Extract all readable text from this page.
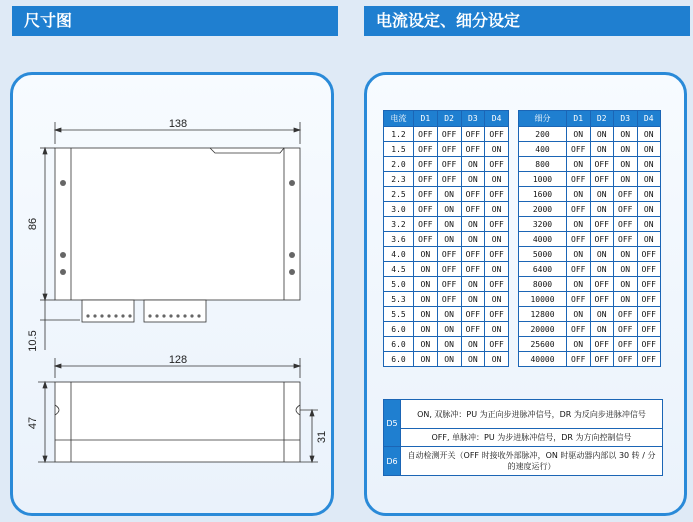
尺寸图	电流设定、细分设定
138
86
10.5
128
47
31
电流	D1	D2	D3	D4
1.2	OFF	OFF	OFF	OFF
1.5	OFF	OFF	OFF	ON
2.0	OFF	OFF	ON	OFF
2.3	OFF	OFF	ON	ON
2.5	OFF	ON	OFF	OFF
3.0	OFF	ON	OFF	ON
3.2	OFF	ON	ON	OFF
3.6	OFF	ON	ON	ON
4.0	ON	OFF	OFF	OFF
4.5	ON	OFF	OFF	ON
5.0	ON	OFF	ON	OFF
5.3	ON	OFF	ON	ON
5.5	ON	ON	OFF	OFF
6.0	ON	ON	OFF	ON
6.0	ON	ON	ON	OFF
6.0	ON	ON	ON	ON
细分	D1	D2	D3	D4
200	ON	ON	ON	ON
400	OFF	ON	ON	ON
800	ON	OFF	ON	ON
1000	OFF	OFF	ON	ON
1600	ON	ON	OFF	ON
2000	OFF	ON	OFF	ON
3200	ON	OFF	OFF	ON
4000	OFF	OFF	OFF	ON
5000	ON	ON	ON	OFF
6400	OFF	ON	ON	OFF
8000	ON	OFF	ON	OFF
10000	OFF	OFF	ON	OFF
12800	ON	ON	OFF	OFF
20000	OFF	ON	OFF	OFF
25600	ON	OFF	OFF	OFF
40000	OFF	OFF	OFF	OFF
D5	ON, 双脉冲：PU 为正向步进脉冲信号，DR 为反向步进脉冲信号
	OFF, 单脉冲：PU 为步进脉冲信号，DR 为方向控制信号
D6	自动检测开关（OFF 时接收外部脉冲，ON 时驱动器内部以 30 转 / 分的速度运行）
